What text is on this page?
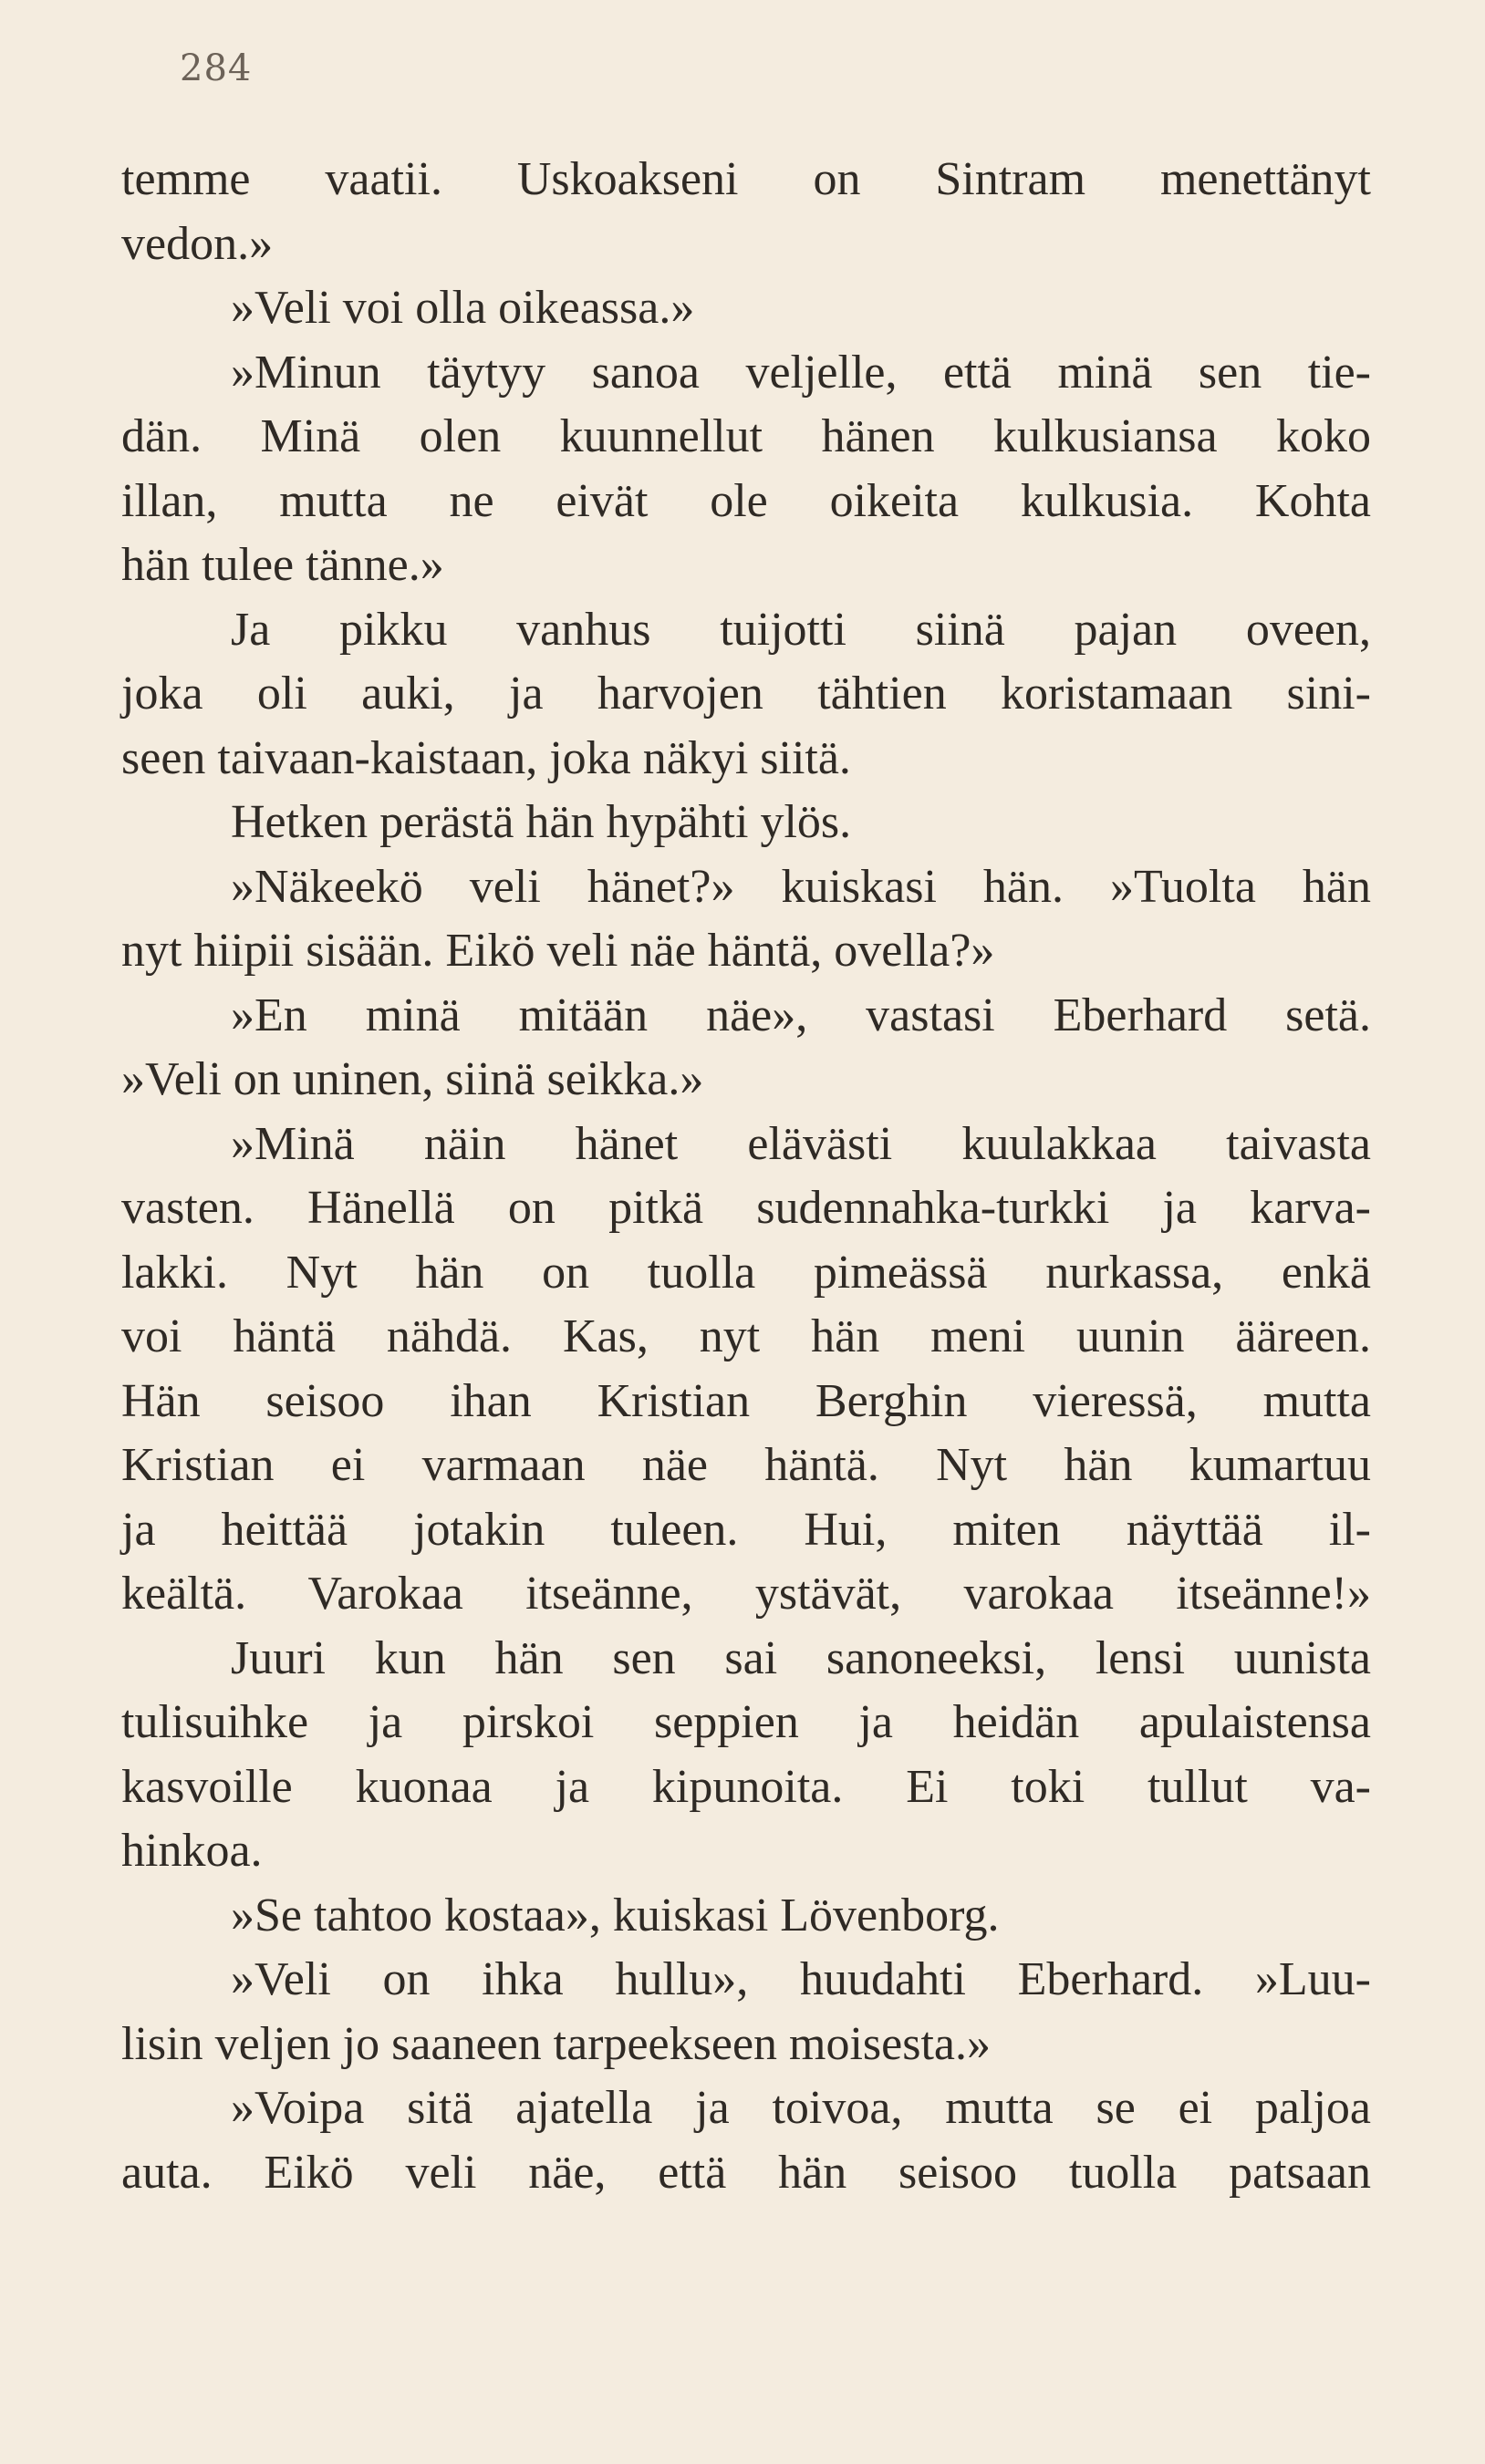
284
temme vaatii. Uskoakseni on Sintram menettänyt
vedon.»
»Veli voi olla oikeassa.»
»Minun täytyy sanoa veljelle, että minä sen tie-
dän. Minä olen kuunnellut hänen kulkusiansa koko
illan, mutta ne eivät ole oikeita kulkusia. Kohta
hän tulee tänne.»
Ja pikku vanhus tuijotti siinä pajan oveen,
joka oli auki, ja harvojen tähtien koristamaan sini-
seen taivaan-kaistaan, joka näkyi siitä.
Hetken perästä hän hypähti ylös.
»Näkeekö veli hänet?» kuiskasi hän. »Tuolta hän
nyt hiipii sisään. Eikö veli näe häntä, ovella?»
»En minä mitään näe», vastasi Eberhard setä.
»Veli on uninen, siinä seikka.»
»Minä näin hänet elävästi kuulakkaa taivasta
vasten. Hänellä on pitkä sudennahka-turkki ja karva-
lakki. Nyt hän on tuolla pimeässä nurkassa, enkä
voi häntä nähdä. Kas, nyt hän meni uunin ääreen.
Hän seisoo ihan Kristian Berghin vieressä, mutta
Kristian ei varmaan näe häntä. Nyt hän kumartuu
ja heittää jotakin tuleen. Hui, miten näyttää il-
keältä. Varokaa itseänne, ystävät, varokaa itseänne!»
Juuri kun hän sen sai sanoneeksi, lensi uunista
tulisuihke ja pirskoi seppien ja heidän apulaistensa
kasvoille kuonaa ja kipunoita. Ei toki tullut va-
hinkoa.
»Se tahtoo kostaa», kuiskasi Lövenborg.
»Veli on ihka hullu», huudahti Eberhard. »Luu-
lisin veljen jo saaneen tarpeekseen moisesta.»
»Voipa sitä ajatella ja toivoa, mutta se ei paljoa
auta. Eikö veli näe, että hän seisoo tuolla patsaan
